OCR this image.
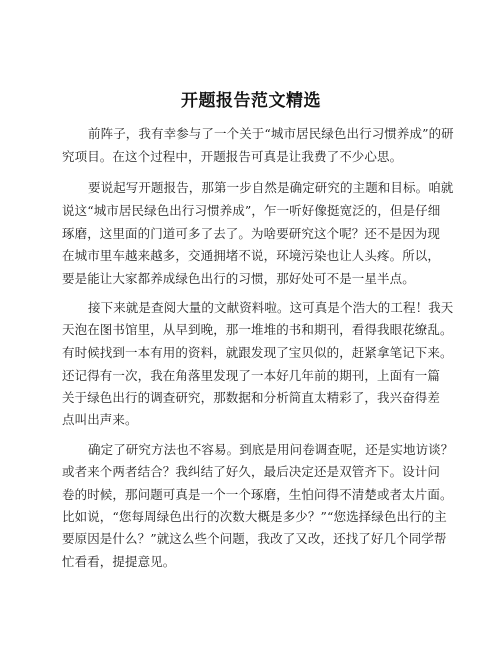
开题报告范文精选
前阵子，我有幸参与了一个关于“城市居民绿色出行习惯养成”的研
究项目。在这个过程中，开题报告可真是让我费了不少心思。
要说起写开题报告，那第一步自然是确定研究的主题和目标。咱就
说这“城市居民绿色出行习惯养成”，乍一听好像挺宽泛的，但是仔细
琢磨，这里面的门道可多了去了。为啥要研究这个呢？还不是因为现
在城市里车越来越多，交通拥堵不说，环境污染也让人头疼。所以，
要是能让大家都养成绿色出行的习惯，那好处可不是一星半点。
接下来就是查阅大量的文献资料啦。这可真是个浩大的工程！我天
天泡在图书馆里，从早到晚，那一堆堆的书和期刊，看得我眼花缭乱。
有时候找到一本有用的资料，就跟发现了宝贝似的，赶紧拿笔记下来。
还记得有一次，我在角落里发现了一本好几年前的期刊，上面有一篇
关于绿色出行的调查研究，那数据和分析简直太精彩了，我兴奋得差
点叫出声来。
确定了研究方法也不容易。到底是用问卷调查呢，还是实地访谈？
或者来个两者结合？我纠结了好久，最后决定还是双管齐下。设计问
卷的时候，那问题可真是一个一个琢磨，生怕问得不清楚或者太片面。
比如说，“您每周绿色出行的次数大概是多少？”“您选择绿色出行的主
要原因是什么？”就这么些个问题，我改了又改，还找了好几个同学帮
忙看看，提提意见。
